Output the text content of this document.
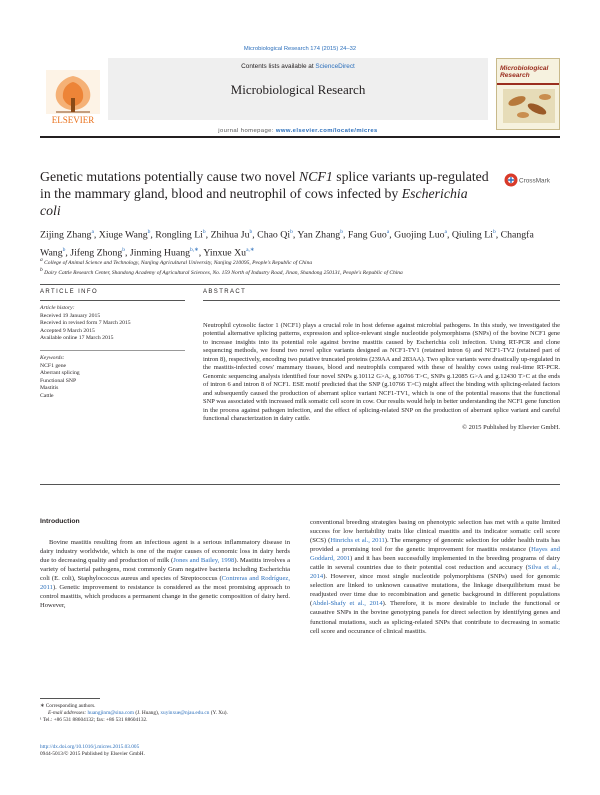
Microbiological Research 174 (2015) 24–32
Contents lists available at ScienceDirect
Microbiological Research
ELSEVIER
Microbiological Research
journal homepage: www.elsevier.com/locate/micres
Genetic mutations potentially cause two novel NCF1 splice variants up-regulated in the mammary gland, blood and neutrophil of cows infected by Escherichia coli
CrossMark
Zijing Zhang$^a$, Xiuge Wang$^b$, Rongling Li$^b$, Zhihua Ju$^b$, Chao Qi$^b$, Yan Zhang$^b$, Fang Guo$^a$, Guojing Luo$^a$, Qiuling Li$^b$, Changfa Wang$^b$, Jifeng Zhong$^b$, Jinming Huang$^{b,∗}$, Yinxue $Xu^{a,∗}$
$^a$ College of Animal Science and Technology, Nanjing Agricultural University, Nanjing 210095, People's Republic of China
$^b$ Dairy Cattle Research Center, Shandong Academy of Agricultural Sciences, No. 159 North of Industry Road, Jinan, Shandong 250131, People's Republic of China
ARTICLE INFO	ABSTRACT
Article history:
Received 19 January 2015
Received in revised form 7 March 2015
Accepted 9 March 2015
Available online 17 March 2015
Keywords:
NCF1 gene
Aberrant splicing
Functional SNP
Mastitis
Cattle
Neutrophil cytosolic factor 1 (NCF1) plays a crucial role in host defense against microbial pathogens. In this study, we investigated the potential alternative splicing patterns, expression and splice-relevant single nucleotide polymorphisms (SNPs) of the bovine NCF1 gene to increase insights into its potential role against bovine mastitis caused by Escherichia coli infection. Using RT-PCR and clone sequencing methods, we found two novel splice variants designed as NCF1-TV1 (retained intron 6) and NCF1-TV2 (retained part of intron 8), respectively, encoding two putative truncated proteins (239AA and 283AA). Two splice variants were drastically up-regulated in the mastitis-infected cows' mammary tissues, blood and neutrophils compared with these of healthy cows using real-time RT-PCR. Genomic sequencing analysis identified four novel SNPs g.10112 G>A, g.10766 T>C, SNPs g.12085 G>A and g.12430 T>C at the ends of intron 6 and intron 8 of NCF1. ESE motif predicted that the SNP (g.10766 T>C) might affect the binding with splicing-related factors and subsequently caused the production of aberrant splice variant NCF1-TV1, which is one of the potential reasons that the functional SNP was associated with increased milk somatic cell score in cow. Our results would help in better understanding the NCF1 gene function in the process against pathogen infection, and the effect of splicing-related SNP on the production of aberrant splice variant and careful functional characterization in dairy cattle.
© 2015 Published by Elsevier GmbH.
Introduction
Bovine mastitis resulting from an infectious agent is a serious inflammatory disease in dairy industry worldwide, which is one of the major causes of economic loss in dairy herds due to decreasing quality and production of milk (Jones and Bailey, 1998). Mastitis involves a variety of bacterial pathogens, most commonly Gram negative bacteria including Escherichia coli (E. coli), Staphylococcus aureus and species of Streptococcus (Contreras and Rodríguez, 2011). Genetic improvement to resistance is considered as the most promising approach to control mastitis, which produces a permanent change in the genetic composition of dairy herd. However,
conventional breeding strategies basing on phenotypic selection has met with a quite limited success for low heritability traits like clinical mastitis and its indicator somatic cell score (SCS) (Hinrichs et al., 2011). The emergency of genomic selection for udder health traits has provided a promising tool for the genetic improvement for mastitis resistance (Hayes and Goddard, 2001) and it has been successfully implemented in the breeding programs of dairy cattle in several countries due to their potential cost reduction and accuracy (Silva et al., 2014). However, since most single nucleotide polymorphisms (SNPs) used for genomic selection are linked to unknown causative mutations, the linkage disequilibrium must be readjusted over time due to recombination and genetic background in different populations (Abdel-Shafy et al., 2014). Therefore, it is more desirable to include the functional or causative SNPs in the bovine genotyping panels for direct selection by identifying genes and functional mutations, such as splicing-related SNPs that contribute to decreasing in somatic cell score and occurance of clinical mastitis.
∗ Corresponding authors.
E-mail addresses: huangjinm@sina.com (J. Huang), xuyinxue@njau.edu.cn (Y. Xu).
¹ Tel.: +86 531 88604132; fax: +86 531 88604132.
http://dx.doi.org/10.1016/j.micres.2015.03.005
0944-5013/© 2015 Published by Elsevier GmbH.
